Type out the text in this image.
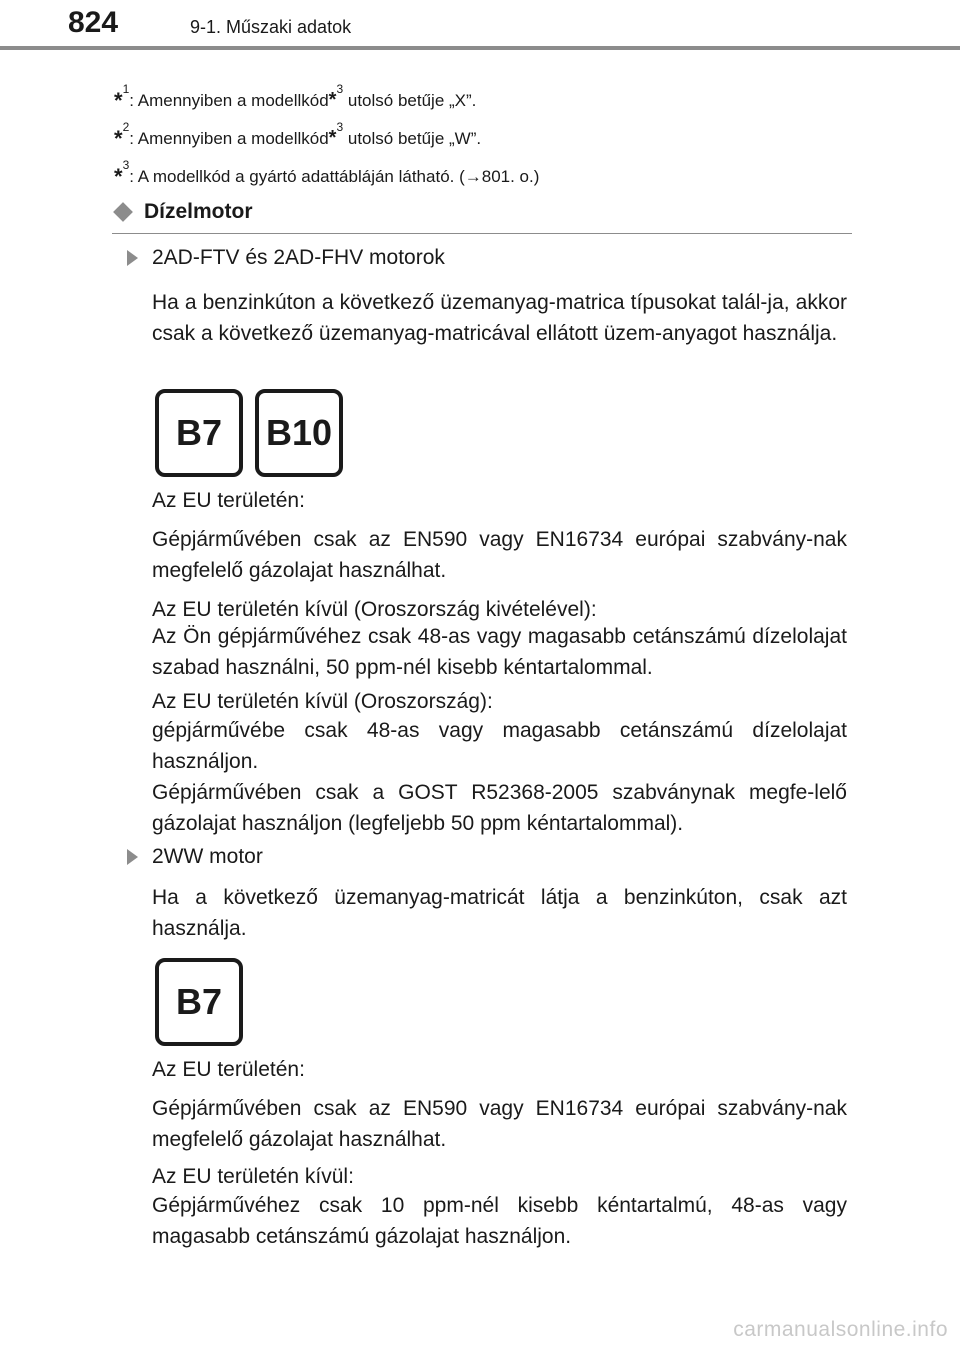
824	9-1. Műszaki adatok
*$^1$: Amennyiben a modellkód*$^3$ utolsó betűje „X”.
*$^2$: Amennyiben a modellkód*$^3$ utolsó betűje „W”.
*$^3$: A modellkód a gyártó adattábláján látható. (→801. o.)
Dízelmotor
2AD-FTV és 2AD-FHV motorok
Ha a benzinkúton a következő üzemanyag-matrica típusokat talál-ja, akkor csak a következő üzemanyag-matricával ellátott üzem-anyagot használja.
B7	B10
Az EU területén:
Gépjárművében csak az EN590 vagy EN16734 európai szabvány-nak megfelelő gázolajat használhat.
Az EU területén kívül (Oroszország kivételével):
Az Ön gépjárművéhez csak 48-as vagy magasabb cetánszámú dízelolajat szabad használni, 50 ppm-nél kisebb kéntartalommal.
Az EU területén kívül (Oroszország):
gépjárművébe csak 48-as vagy magasabb cetánszámú dízelolajat használjon.
Gépjárművében csak a GOST R52368-2005 szabványnak megfe-lelő gázolajat használjon (legfeljebb 50 ppm kéntartalommal).
2WW motor
Ha a következő üzemanyag-matricát látja a benzinkúton, csak azt használja.
B7
Az EU területén:
Gépjárművében csak az EN590 vagy EN16734 európai szabvány-nak megfelelő gázolajat használhat.
Az EU területén kívül:
Gépjárművéhez csak 10 ppm-nél kisebb kéntartalmú, 48-as vagy magasabb cetánszámú gázolajat használjon.
carmanualsonline.info
